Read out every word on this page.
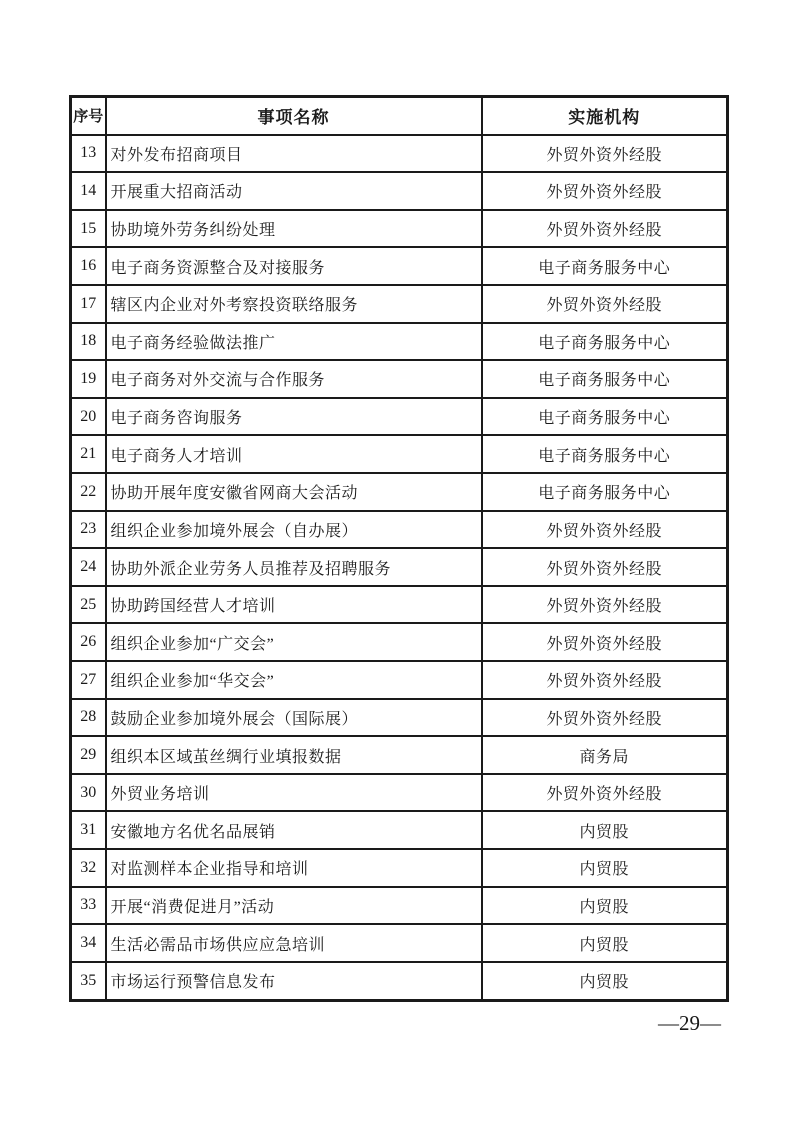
序号	事项名称	实施机构
13	对外发布招商项目	外贸外资外经股
14	开展重大招商活动	外贸外资外经股
15	协助境外劳务纠纷处理	外贸外资外经股
16	电子商务资源整合及对接服务	电子商务服务中心
17	辖区内企业对外考察投资联络服务	外贸外资外经股
18	电子商务经验做法推广	电子商务服务中心
19	电子商务对外交流与合作服务	电子商务服务中心
20	电子商务咨询服务	电子商务服务中心
21	电子商务人才培训	电子商务服务中心
22	协助开展年度安徽省网商大会活动	电子商务服务中心
23	组织企业参加境外展会（自办展）	外贸外资外经股
24	协助外派企业劳务人员推荐及招聘服务	外贸外资外经股
25	协助跨国经营人才培训	外贸外资外经股
26	组织企业参加“广交会”	外贸外资外经股
27	组织企业参加“华交会”	外贸外资外经股
28	鼓励企业参加境外展会（国际展）	外贸外资外经股
29	组织本区域茧丝绸行业填报数据	商务局
30	外贸业务培训	外贸外资外经股
31	安徽地方名优名品展销	内贸股
32	对监测样本企业指导和培训	内贸股
33	开展“消费促进月”活动	内贸股
34	生活必需品市场供应应急培训	内贸股
35	市场运行预警信息发布	内贸股
—29—
